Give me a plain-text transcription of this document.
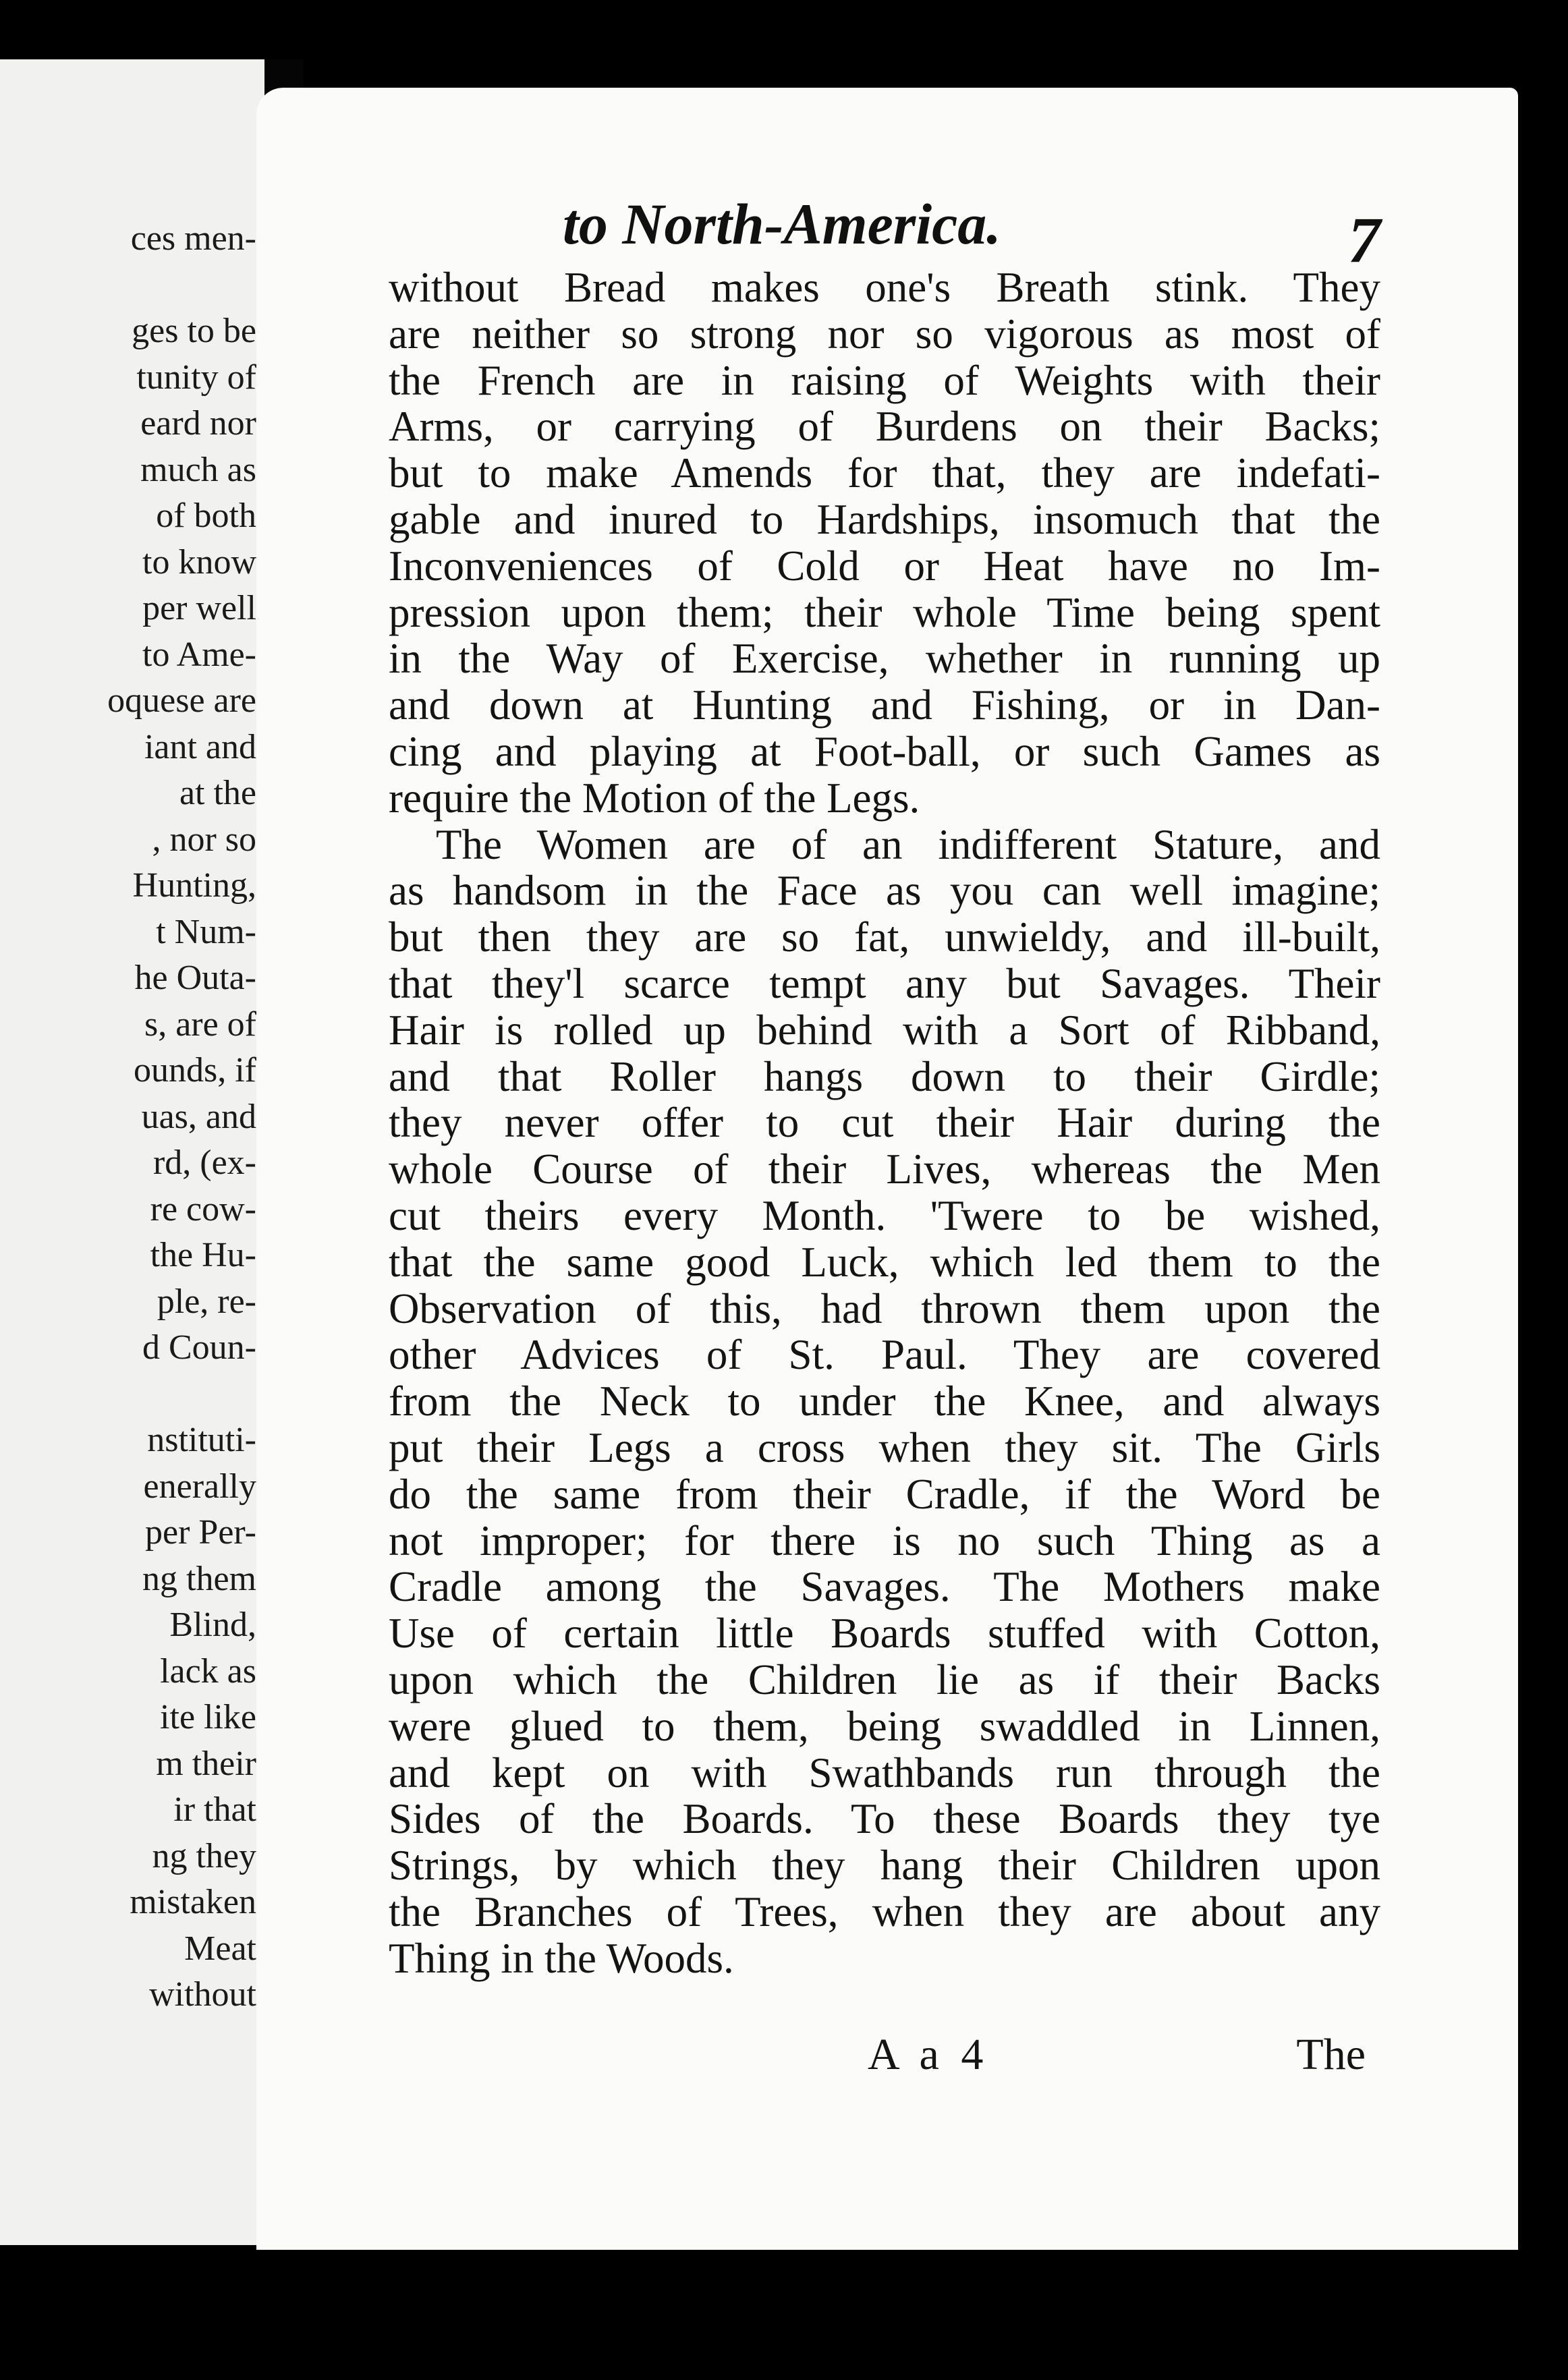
ces men-
ges to be
tunity of
eard nor
much as
of both
to know
per well
to Ame-
oquese are
iant and
at the
, nor so
Hunting,
t Num-
he Outa-
s, are of
ounds, if
uas, and
rd, (ex-
re cow-
the Hu-
ple, re-
d Coun-
nstituti-
enerally
per Per-
ng them
Blind,
lack as
ite like
m their
ir that
ng they
mistaken
Meat
without
to North-America.	7
without Bread makes one's Breath stink. They
are neither so strong nor so vigorous as most of
the French are in raising of Weights with their
Arms, or carrying of Burdens on their Backs;
but to make Amends for that, they are indefati-
gable and inured to Hardships, insomuch that the
Inconveniences of Cold or Heat have no Im-
pression upon them; their whole Time being spent
in the Way of Exercise, whether in running up
and down at Hunting and Fishing, or in Dan-
cing and playing at Foot-ball, or such Games as
require the Motion of the Legs.
The Women are of an indifferent Stature, and
as handsom in the Face as you can well imagine;
but then they are so fat, unwieldy, and ill-built,
that they'l scarce tempt any but Savages. Their
Hair is rolled up behind with a Sort of Ribband,
and that Roller hangs down to their Girdle;
they never offer to cut their Hair during the
whole Course of their Lives, whereas the Men
cut theirs every Month. 'Twere to be wished,
that the same good Luck, which led them to the
Observation of this, had thrown them upon the
other Advices of St. Paul. They are covered
from the Neck to under the Knee, and always
put their Legs a cross when they sit. The Girls
do the same from their Cradle, if the Word be
not improper; for there is no such Thing as a
Cradle among the Savages. The Mothers make
Use of certain little Boards stuffed with Cotton,
upon which the Children lie as if their Backs
were glued to them, being swaddled in Linnen,
and kept on with Swathbands run through the
Sides of the Boards. To these Boards they tye
Strings, by which they hang their Children upon
the Branches of Trees, when they are about any
Thing in the Woods.
A a 4	The
